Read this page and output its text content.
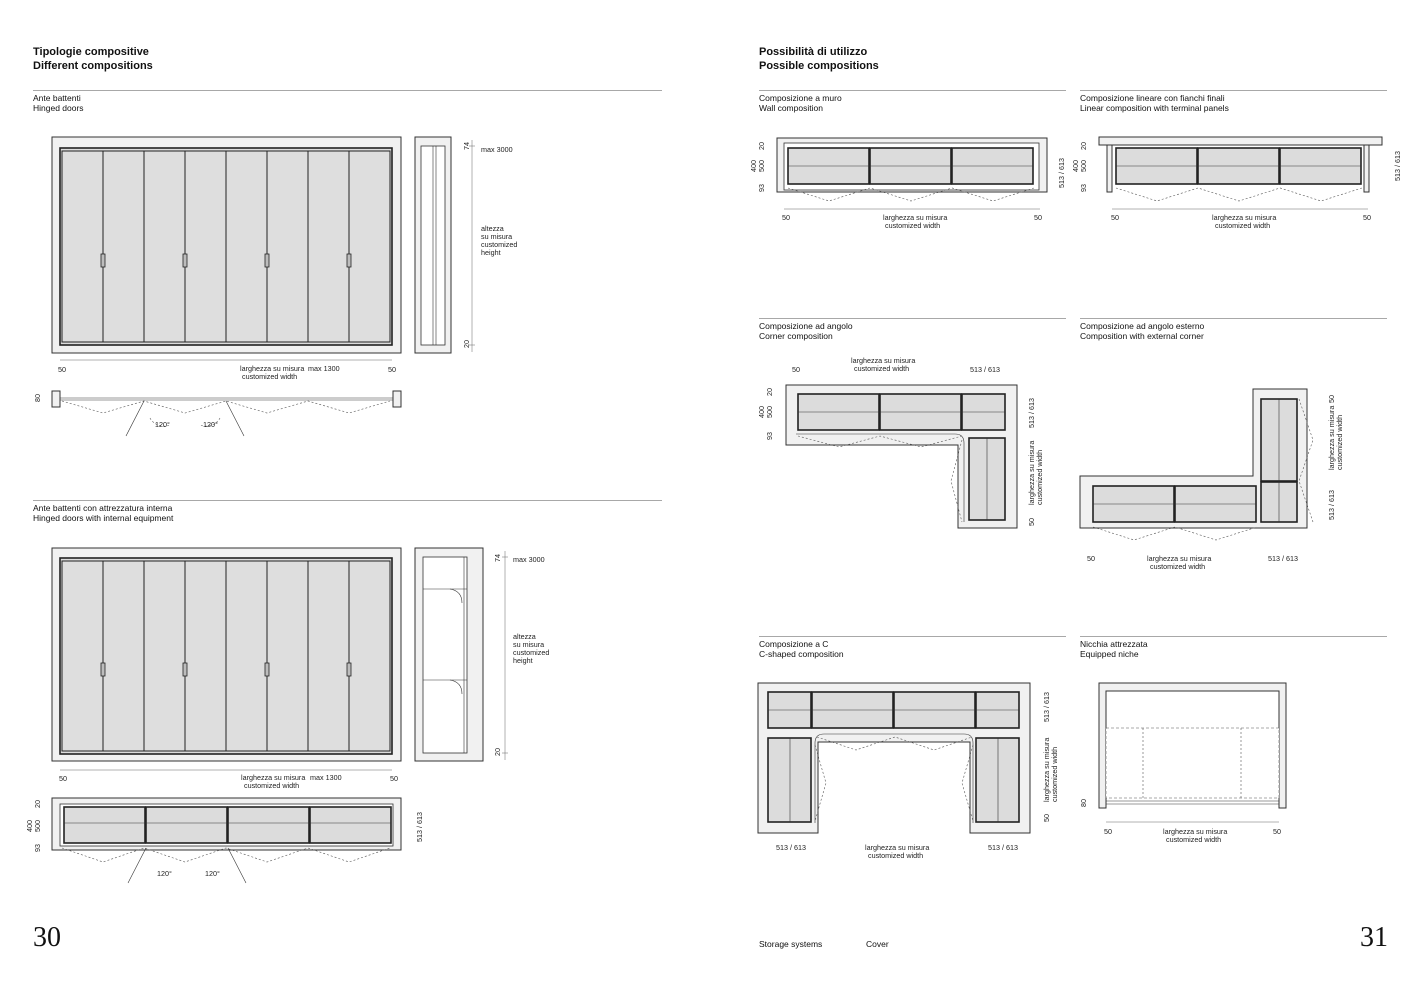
Tipologie compositive
Different compositions
Ante battenti
Hinged doors
Ante battenti con attrezzatura interna
Hinged doors with internal equipment
30
Possibilità di utilizzo
Possible compositions
Composizione a muro
Wall composition
Composizione lineare con fianchi finali
Linear composition with terminal panels
Composizione ad angolo
Corner composition
Composizione ad angolo esterno
Composition with external corner
Composizione a C
C-shaped composition
Nicchia attrezzata
Equipped niche
Storage systems	Cover	31
74 max 3000
altezza
su misura
customized
height
20
50	larghezza su misura
customized width
max 1300	50
80
120°	120°
74 max 3000
altezza
su misura
customized
height
20
50	larghezza su misura
customized width
max 1300	50
20
500
400
93
513 / 613
120°	120°
20
500
400
93	513 / 613
50	larghezza su misura
customized width
50
20
500
400
93
513 / 613
50	larghezza su misura
customized width
50
50
larghezza su misura
customized width	513 / 613
20
500
400
93
513 / 613
larghezza su misura customized width
50
50	larghezza su misura
customized width
513 / 613
50
larghezza su misura customized width
513 / 613
513 / 613
larghezza su misura customized width
50
513 / 613	larghezza su misura
customized width
513 / 613
80
50	larghezza su misura
customized width
50
